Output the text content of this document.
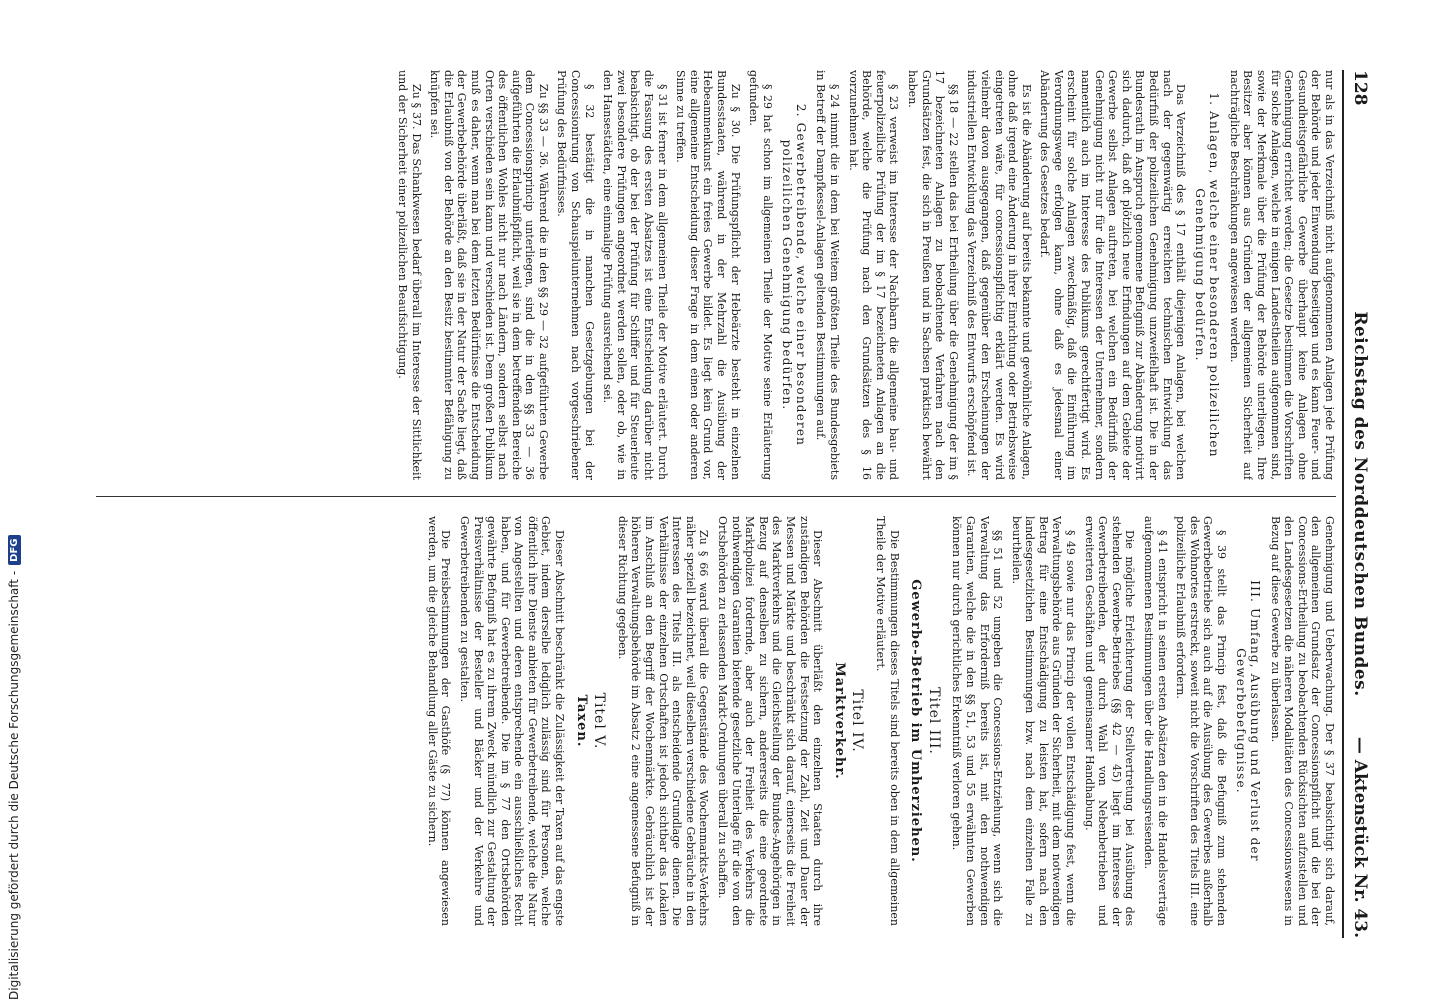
128
Reichstag des Norddeutschen Bundes.
— Aktenstück Nr. 43.

nur als in das Verzeichniß nicht aufgenommenen Anlagen jede Prüfung der Behörde und jeder Einwendung beseitigen und es kann Feuer- und Gesundheitsgefährliche Gewerbe überhaupt keine Anlagen ohne Genehmigung errichtet werden; die Gesetze bestimmen die Vorschriften für solche Anlagen, welche in einigen Landestheilen aufgenommen sind, sowie der Merkmale über die Prüfung der Behörde unterliegen. Ihre Besitzer aber können aus Gründen der allgemeinen Sicherheit auf nachträgliche Beschränkungen angewiesen werden.

1. Anlagen, welche einer besonderen polizeilichen Genehmigung bedürfen.

Das Verzeichniß des § 17 enthält diejenigen Anlagen, bei welchen nach der gegenwärtig erreichten technischen Entwicklung das Bedürfniß der polizeilichen Genehmigung unzweifelhaft ist. Die in der Bundesrath im Anspruch genommene Befugniß zur Abänderung motivirt sich dadurch, daß oft plötzlich neue Erfindungen auf dem Gebiete der Gewerbe selbst Anlagen auftreten, bei welchen ein Bedürfniß der Genehmigung nicht nur für die Interessen der Unternehmer, sondern namentlich auch im Interesse des Publikums gerechtfertigt wird. Es erscheint für solche Anlagen zweckmäßig, daß die Einführung im Verordnungswege erfolgen kann, ohne daß es jedesmal einer Abänderung des Gesetzes bedarf.

Es ist die Abänderung auf bereits bekannte und gewöhnliche Anlagen, ohne daß irgend eine Änderung in ihrer Einrichtung oder Betriebsweise eingetreten wäre, für concessionspflichtig erklärt werden. Es wird vielmehr davon ausgegangen, daß gegenüber den Erscheinungen der industriellen Entwicklung das Verzeichniß des Entwurfs erschöpfend ist.

§§ 18 — 22 stellen das bei Ertheilung über die Genehmigung der im § 17 bezeichneten Anlagen zu beobachtende Verfahren nach den Grundsätzen fest, die sich in Preußen und in Sachsen praktisch bewährt haben.

§ 23 verweist im Interesse der Nachbarn die allgemeine bau- und feuerpolizeiliche Prüfung der im § 17 bezeichneten Anlagen an die Behörde, welche die Prüfung nach den Grundsätzen des § 16 vorzunehmen hat.

§ 24 nimmt die in dem bei Weitem größten Theile des Bundesgebiets in Betreff der Dampfkessel-Anlagen geltenden Bestimmungen auf.

2. Gewerbetreibende, welche einer besonderen polizeilichen Genehmigung bedürfen.

§ 29 hat schon im allgemeinen Theile der Motive seine Erläuterung gefunden.

Zu § 30. Die Prüfungspflicht der Hebeärzte besteht in einzelnen Bundesstaaten, während in der Mehrzahl die Ausübung der Hebeammenkunst ein freies Gewerbe bildet. Es liegt kein Grund vor, eine allgemeine Entscheidung dieser Frage in dem einen oder anderen Sinne zu treffen.

§ 31 ist ferner in dem allgemeinen Theile der Motive erläutert. Durch die Fassung des ersten Absatzes ist eine Entscheidung darüber nicht beabsichtigt, ob der bei der Prüfung für Schiffer und für Steuerleute zwei besondere Prüfungen angeordnet werden sollen, oder ob, wie in den Hansestädten, eine einmalige Prüfung ausreichend sei.

§ 32 bestätigt die in manchen Gesetzgebungen bei der Concessionirung von Schauspielunternehmen nach vorgeschriebener Prüfung des Bedürfnisses.

Zu §§ 33 — 36. Während die in den §§ 29 — 32 aufgeführten Gewerbe dem Concessionsprincip unterliegen, sind die in den §§ 33 — 36 aufgeführten die Erlaubnißpflicht, weil sie in dem betreffenden Bereiche des öffentlichen Wohles nicht nur nach Ländern, sondern selbst nach Orten verschieden sein kann und verschieden ist. Dem großen Publikum muß es daher, wenn man bei dem letzten Bedürfnisse die Entscheidung der Gewerbebehörde überläßt, daß sie in der Natur der Sache liegt, daß die Erlaubniß von der Behörde an den Besitz bestimmter Befähigung zu knüpfen sei.

Zu § 37. Das Schankwesen bedarf überall im Interesse der Sittlichkeit und der Sicherheit einer polizeilichen Beaufsichtigung.

Genehmigung und Ueberwachung. Der § 37 beabsichtigt sich darauf, den allgemeinen Grundsatz der Concessionspflicht und die bei der Concessions-Ertheilung zu beobachtenden Rücksichten aufzustellen und den Landesgesetzen die näheren Modalitäten des Concessionswesens in Bezug auf diese Gewerbe zu überlassen.

III. Umfang, Ausübung und Verlust der Gewerbebefugnisse.

§ 39 stellt das Princip fest, daß die Befugniß zum stehenden Gewerbebetriebe sich auch auf die Ausübung des Gewerbes außerhalb des Wohnortes erstreckt, soweit nicht die Vorschriften des Titels III. eine polizeiliche Erlaubniß erfordern.

§ 41 entspricht in seinen ersten Absätzen den in die Handelsverträge aufgenommenen Bestimmungen über die Handlungsreisenden.

Die mögliche Erleichterung der Stellvertretung bei Ausübung des stehenden Gewerbe-Betriebes (§§ 42 — 45) liegt im Interesse der Gewerbetreibenden, der durch Wahl von Nebenbetrieben und erweiterten Geschäften und gemeinsamer Handhabung.

§ 49 sowie nur das Princip der vollen Entschädigung fest, wenn die Verwaltungsbehörde aus Gründen der Sicherheit, mit dem notwendigen Betrag für eine Entschädigung zu leisten hat, sofern nach den landesgesetzlichen Bestimmungen bzw. nach dem einzelnen Falle zu beurtheilen.

§§ 51 und 52 umgeben die Concessions-Entziehung, wenn sich die Verwaltung das Erforderniß bereits ist, mit den nothwendigen Garantien, welche die in den §§ 51, 53 und 55 erwähnten Gewerben können nur durch gerichtliches Erkenntniß verloren gehen.

Titel III.
Gewerbe-Betrieb im Umherziehen.

Die Bestimmungen dieses Titels sind bereits oben in dem allgemeinen Theile der Motive erläutert.

Titel IV.
Marktverkehr.

Dieser Abschnitt überläßt den einzelnen Staaten durch ihre zuständigen Behörden die Festsetzung der Zahl, Zeit und Dauer der Messen und Märkte und beschränkt sich darauf, einerseits die Freiheit des Marktverkehrs und die Gleichstellung der Bundes-Angehörigen in Bezug auf denselben zu sichern, andererseits die eine geordnete Marktpolizei fordernde, aber auch der Freiheit des Verkehrs die nothwendigen Garantien bietende gesetzliche Unterlage für die von den Ortsbehörden zu erlassenden Markt-Ordnungen überall zu schaffen.

Zu § 66 ward überall die Gegenstände des Wochenmarkts-Verkehrs näher speziell bezeichnet, weil dieselben verschiedene Gebräuche in den Interessen des Titels III. als entscheidende Grundlage dienen. Die Verhältnisse der einzelnen Ortschaften ist jedoch sichtbar das Lokalen im Anschluß an den Begriff der Wochenmärkte. Gebräuchlich ist der höheren Verwaltungsbehörde im Absatz 2 eine angemessene Befugniß in dieser Richtung gegeben.

Titel V.
Taxen.

Dieser Abschnitt beschränkt die Zulässigkeit der Taxen auf das engste Gebiet, indem derselbe lediglich zulässig sind für Personen, welche öffentlich ihre Dienste anbieten für Gewerbetreibende, welche die Natur von Angestellten und deren entsprechende ein ausschließliches Recht haben, und für Gewerbetreibende. Die im § 77 den Ortsbehörden gewährte Befugniß hat es zu ihrem Zweck mündlich zur Gestaltung der Preisverhältnisse der Besteller und Bäcker und der Verkehre und Gewerbetreibenden zu gestalten.

Die Preisbestimmungen der Gasthöfe (§ 77) können angewiesen werden, um die gleiche Behandlung aller Gäste zu sichern.

Digitalisierung gefördert durch die Deutsche Forschungsgemeinschaft -
DFG
